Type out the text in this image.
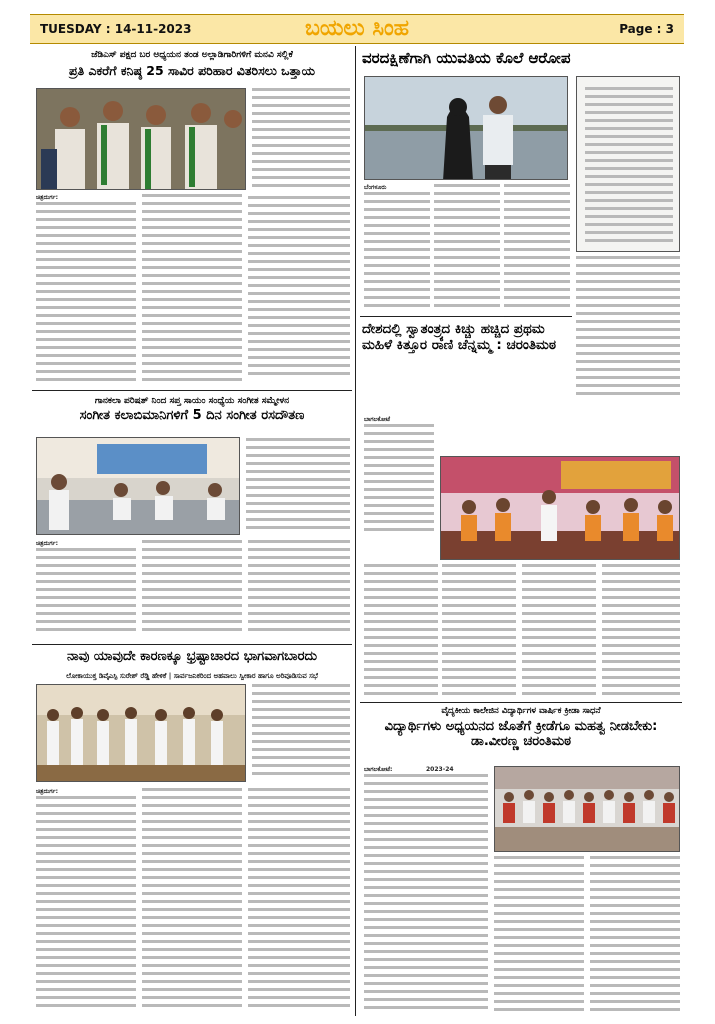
ಬಯಲು ಸಿಂಹ
TUESDAY : 14-11-2023	Page : 3
ಜೆಡಿಎಸ್ ಪಕ್ಷದ ಬರ ಅಧ್ಯಯನ ತಂಡ ಅಲ್ಲಾಡಿಗಾರಿಗಳಿಗೆ ಮನವಿ ಸಲ್ಲಿಕೆ
ಪ್ರತಿ ಎಕರೆಗೆ ಕನಿಷ್ಠ 25 ಸಾವಿರ ಪರಿಹಾರ ವಿತರಿಸಲು ಒತ್ತಾಯ
ಚಿತ್ರದುರ್ಗ:
ಗಾನಕಲಾ ಪರಿಷತ್ ನಿಂದ ಸಪ್ತ ಸಾಯಂ ಸಂಧ್ಯೆಯ ಸಂಗೀತ ಸಮ್ಮೇಳನ
ಸಂಗೀತ ಕಲಾಬಿಮಾನಿಗಳಿಗೆ 5 ದಿನ ಸಂಗೀತ ರಸದೌತಣ
ಚಿತ್ರದುರ್ಗ:
ನಾವು ಯಾವುದೇ ಕಾರಣಕ್ಕೂ ಭ್ರಷ್ಟಾಚಾರದ ಭಾಗವಾಗಬಾರದು
ಲೋಕಾಯುಕ್ತ ಡಿವೈಎಸ್ಪಿ ಸುರೇಶ್ ರೆಡ್ಡಿ ಹೇಳಿಕೆ | ಸಾರ್ವಜನಿಕರಿಂದ ಅಹವಾಲು ಸ್ವೀಕಾರ ಹಾಗೂ ಅರಿವೂಡಿಸುವ ಸಭೆ
ಚಿತ್ರದುರ್ಗ:
ವರದಕ್ಷಿಣೆಗಾಗಿ ಯುವತಿಯ ಕೊಲೆ ಆರೋಪ
ಬೆಂಗಳೂರು
ದೇಶದಲ್ಲಿ ಸ್ವಾತಂತ್ರ್ಯದ ಕಿಚ್ಚು ಹಚ್ಚಿದ ಪ್ರಥಮ ಮಹಿಳೆ ಕಿತ್ತೂರ ರಾಣಿ ಚೆನ್ನಮ್ಮ : ಚರಂತಿಮಠ
ಬಾಗಲಕೋಟೆ
ವೈದ್ಯಕೀಯ ಕಾಲೇಜಿನ ವಿದ್ಯಾರ್ಥಿಗಳ ವಾರ್ಷಿಕ ಕ್ರೀಡಾ ಸಾಧನೆ
ವಿದ್ಯಾರ್ಥಿಗಳು ಅಧ್ಯಯನದ ಜೊತೆಗೆ ಕ್ರೀಡೆಗೂ ಮಹತ್ವ ನೀಡಬೇಕು: ಡಾ.ವೀರಣ್ಣ ಚರಂತಿಮಠ
ಬಾಗಲಕೋಟೆ:	2023-24
